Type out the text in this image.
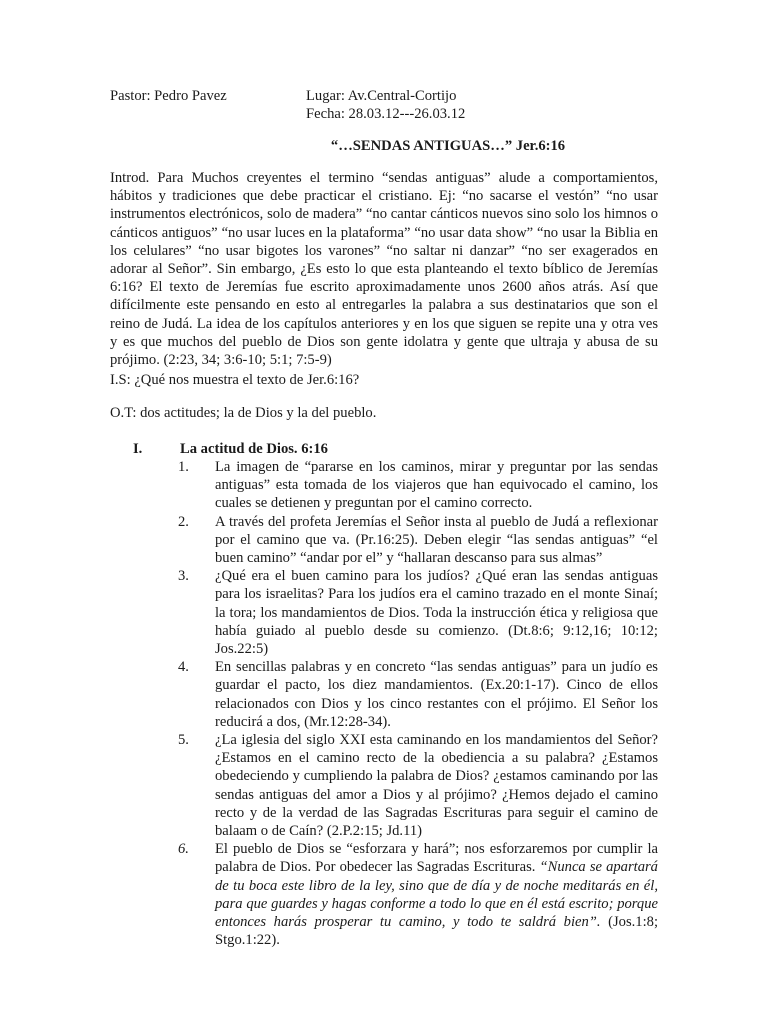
Pastor: Pedro Pavez	Lugar: Av.Central-Cortijo
Fecha: 28.03.12---26.03.12
“…SENDAS ANTIGUAS…” Jer.6:16
Introd. Para Muchos creyentes el termino “sendas antiguas” alude a comportamientos, hábitos y tradiciones que debe practicar el cristiano. Ej: “no sacarse el vestón” “no usar instrumentos electrónicos, solo de madera” “no cantar cánticos nuevos sino solo los himnos o cánticos antiguos” “no usar luces en la plataforma” “no usar data show” “no usar la Biblia en los celulares” “no usar bigotes los varones” “no saltar ni danzar” “no ser exagerados en adorar al Señor”. Sin embargo, ¿Es esto lo que esta planteando el texto bíblico de Jeremías 6:16? El texto de Jeremías fue escrito aproximadamente unos 2600 años atrás. Así que difícilmente este pensando en esto al entregarles la palabra a sus destinatarios que son el reino de Judá. La idea de los capítulos anteriores y en los que siguen se repite una y otra ves y es que muchos del pueblo de Dios son gente idolatra y gente que ultraja y abusa de su prójimo. (2:23, 34; 3:6-10; 5:1; 7:5-9)
I.S: ¿Qué nos muestra el texto de Jer.6:16?
O.T: dos actitudes; la de Dios y la del pueblo.
I.	La actitud de Dios. 6:16
1. La imagen de “pararse en los caminos, mirar y preguntar por las sendas antiguas” esta tomada de los viajeros que han equivocado el camino, los cuales se detienen y preguntan por el camino correcto.
2. A través del profeta Jeremías el Señor insta al pueblo de Judá a reflexionar por el camino que va. (Pr.16:25). Deben elegir “las sendas antiguas” “el buen camino” “andar por el” y “hallaran descanso para sus almas”
3. ¿Qué era el buen camino para los judíos? ¿Qué eran las sendas antiguas para los israelitas? Para los judíos era el camino trazado en el monte Sinaí; la tora; los mandamientos de Dios. Toda la instrucción ética y religiosa que había guiado al pueblo desde su comienzo. (Dt.8:6; 9:12,16; 10:12; Jos.22:5)
4. En sencillas palabras y en concreto “las sendas antiguas” para un judío es guardar el pacto, los diez mandamientos. (Ex.20:1-17). Cinco de ellos relacionados con Dios y los cinco restantes con el prójimo. El Señor los reducirá a dos, (Mr.12:28-34).
5. ¿La iglesia del siglo XXI esta caminando en los mandamientos del Señor? ¿Estamos en el camino recto de la obediencia a su palabra? ¿Estamos obedeciendo y cumpliendo la palabra de Dios? ¿estamos caminando por las sendas antiguas del amor a Dios y al prójimo? ¿Hemos dejado el camino recto y de la verdad de las Sagradas Escrituras para seguir el camino de balaam o de Caín? (2.P.2:15; Jd.11)
6. El pueblo de Dios se “esforzara y hará”; nos esforzaremos por cumplir la palabra de Dios. Por obedecer las Sagradas Escrituras. “Nunca se apartará de tu boca este libro de la ley, sino que de día y de noche meditarás en él, para que guardes y hagas conforme a todo lo que en él está escrito; porque entonces harás prosperar tu camino, y todo te saldrá bien”. (Jos.1:8; Stgo.1:22).
